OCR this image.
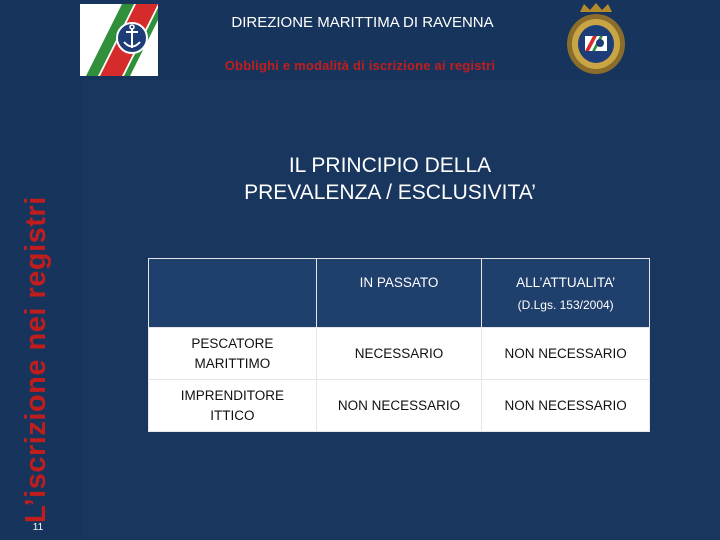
DIREZIONE MARITTIMA DI RAVENNA
Obblighi e modalità di iscrizione ai registri
L’iscrizione nei registri
11
IL PRINCIPIO DELLA
PREVALENZA / ESCLUSIVITA’

	IN PASSATO	ALL’ATTUALITA’
(D.Lgs. 153/2004)

PESCATORE
MARITTIMO	NECESSARIO	NON NECESSARIO

IMPRENDITORE
ITTICO	NON NECESSARIO	NON NECESSARIO
